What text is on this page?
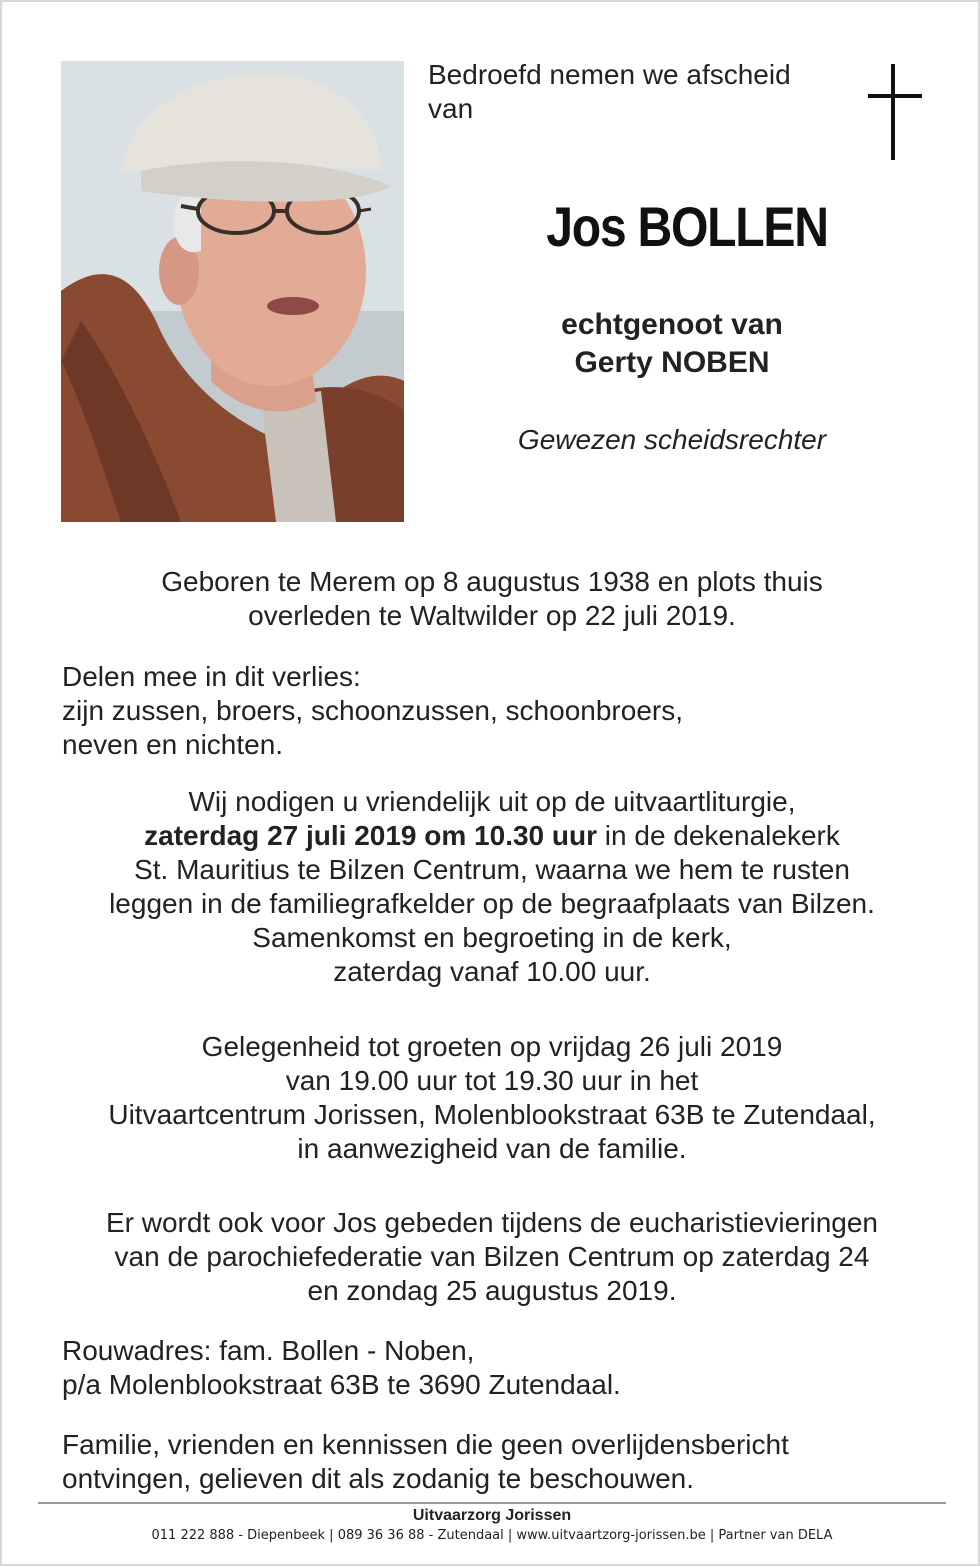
Bedroefd nemen we afscheid
van
Jos BOLLEN
echtgenoot van
Gerty NOBEN
Gewezen scheidsrechter
Geboren te Merem op 8 augustus 1938 en plots thuis
overleden te Waltwilder op 22 juli 2019.
Delen mee in dit verlies:
zijn zussen, broers, schoonzussen, schoonbroers,
neven en nichten.
Wij nodigen u vriendelijk uit op de uitvaartliturgie,
zaterdag 27 juli 2019 om 10.30 uur in de dekenalekerk
St. Mauritius te Bilzen Centrum, waarna we hem te rusten
leggen in de familiegrafkelder op de begraafplaats van Bilzen.
Samenkomst en begroeting in de kerk,
zaterdag vanaf 10.00 uur.
Gelegenheid tot groeten op vrijdag 26 juli 2019
van 19.00 uur tot 19.30 uur in het
Uitvaartcentrum Jorissen, Molenblookstraat 63B te Zutendaal,
in aanwezigheid van de familie.
Er wordt ook voor Jos gebeden tijdens de eucharistievieringen
van de parochiefederatie van Bilzen Centrum op zaterdag 24
en zondag 25 augustus 2019.
Rouwadres: fam. Bollen - Noben,
p/a Molenblookstraat 63B te 3690 Zutendaal.
Familie, vrienden en kennissen die geen overlijdensbericht
ontvingen, gelieven dit als zodanig te beschouwen.
Uitvaarzorg Jorissen
011 222 888 - Diepenbeek | 089 36 36 88 - Zutendaal | www.uitvaartzorg-jorissen.be | Partner van DELA
